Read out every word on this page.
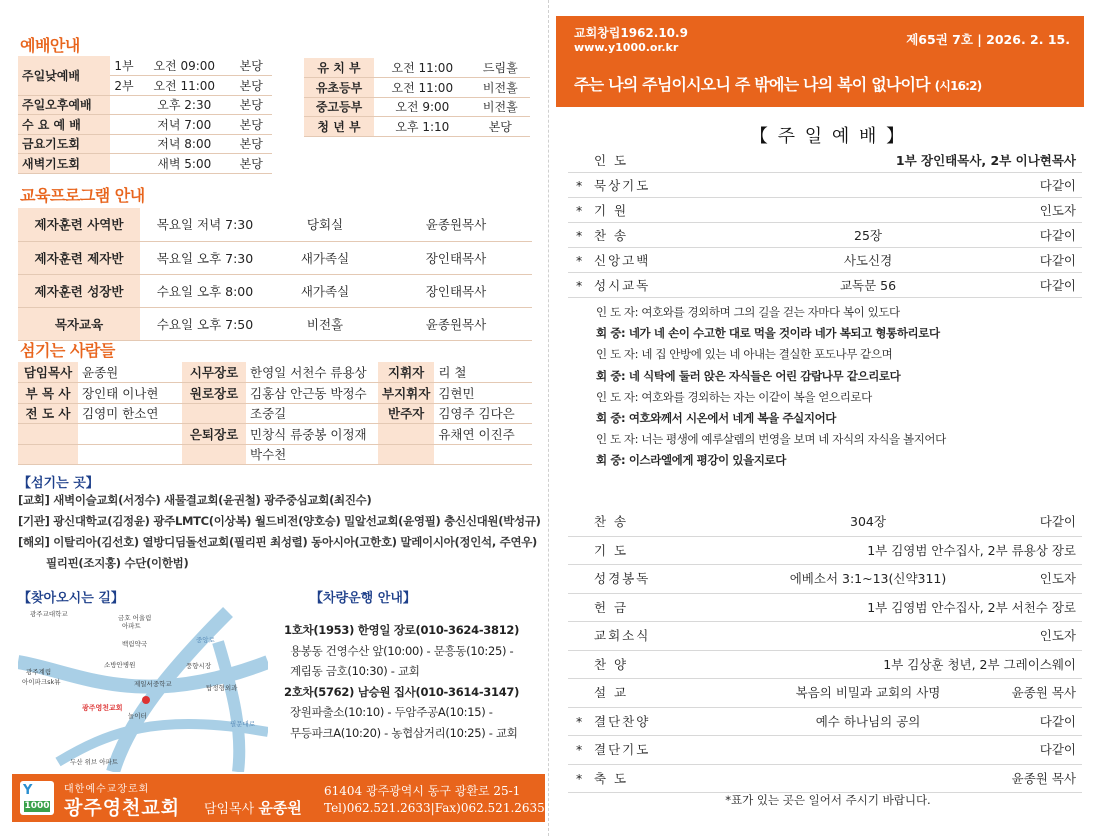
예배안내
주일낮예배	1부	오전 09:00	본당
	2부	오전 11:00	본당
주일오후예배		오후 2:30	본당
수 요 예 배		저녁 7:00	본당
금요기도회		저녁 8:00	본당
새벽기도회		새벽 5:00	본당
유 치 부	오전 11:00	드림홀
유초등부	오전 11:00	비전홀
중고등부	오전 9:00	비전홀
청 년 부	오후 1:10	본당
교육프로그램 안내
제자훈련 사역반	목요일 저녁 7:30	당회실	윤종원목사
제자훈련 제자반	목요일 오후 7:30	새가족실	장인태목사
제자훈련 성장반	수요일 오후 8:00	새가족실	장인태목사
목자교육	수요일 오후 7:50	비전홀	윤종원목사
섬기는 사람들
담임목사	윤종원	시무장로	한영일 서천수 류용상	지휘자	리 철
부 목 사	장인태 이나현	원로장로	김홍삼 안근동 박정수	부지휘자	김현민
전 도 사	김영미 한소연		조중길	반주자	김영주 김다은
		은퇴장로	민창식 류중봉 이정재		유채연 이진주
			박수천		
【섬기는 곳】
[교회] 새벽이슬교회(서정수) 새물결교회(윤권철) 광주중심교회(최진수)
[기관] 광신대학교(김정윤) 광주LMTC(이상복) 월드비전(양호승) 밀알선교회(윤영필) 충신신대원(박성규)
[해외] 이탈리아(김선호) 열방디딤돌선교회(필리핀 최성렬) 동아시아(고한호) 말레이시아(정인석, 주연우)
필리핀(조지홍) 수단(이한범)
【찾아오시는 길】
광주교대학교	금호 어울림
아파트
광주계림
아이파크sk뷰
백림약국
소방안병원	풍향시장
제일서중학교	탑정형외과
광주영천교회
놀이터
두산 위브 아파트
중앙로
필문대로
【차량운행 안내】
1호차(1953) 한영일 장로(010-3624-3812)
용봉동 건영수산 앞(10:00) - 문흥동(10:25) -
계림동 금호(10:30) - 교회
2호차(5762) 남승원 집사(010-3614-3147)
장원파출소(10:10) - 두암주공A(10:15) -
무등파크A(10:20) - 농협삼거리(10:25) - 교회
Y
1000
대한예수교장로회
광주영천교회 담임목사 윤종원
61404 광주광역시 동구 광환로 25-1
Tel)062.521.2633|Fax)062.521.2635
교회창립1962.10.9
www.y1000.or.kr
제65권 7호 | 2026. 2. 15.
주는 나의 주님이시오니 주 밖에는 나의 복이 없나이다 (시16:2)
【 주 일 예 배 】
인 도	1부 장인태목사, 2부 이나현목사
* 묵상기도	다같이
* 기 원	인도자
* 찬 송	25장	다같이
* 신앙고백	사도신경	다같이
* 성시교독	교독문 56	다같이
인 도 자: 여호와를 경외하며 그의 길을 걷는 자마다 복이 있도다
회 중: 네가 네 손이 수고한 대로 먹을 것이라 네가 복되고 형통하리로다
인 도 자: 네 집 안방에 있는 네 아내는 결실한 포도나무 같으며
회 중: 네 식탁에 둘러 앉은 자식들은 어린 감람나무 같으리로다
인 도 자: 여호와를 경외하는 자는 이같이 복을 얻으리로다
회 중: 여호와께서 시온에서 네게 복을 주실지어다
인 도 자: 너는 평생에 예루살렘의 번영을 보며 네 자식의 자식을 볼지어다
회 중: 이스라엘에게 평강이 있을지로다
찬 송	304장	다같이
기 도	1부 김영범 안수집사, 2부 류용상 장로
성경봉독	에베소서 3:1~13(신약311)	인도자
헌 금	1부 김영범 안수집사, 2부 서천수 장로
교회소식	인도자
찬 양	1부 김상훈 청년, 2부 그레이스웨이
설 교	복음의 비밀과 교회의 사명	윤종원 목사
* 결단찬양	예수 하나님의 공의	다같이
* 결단기도	다같이
* 축 도	윤종원 목사
*표가 있는 곳은 일어서 주시기 바랍니다.
